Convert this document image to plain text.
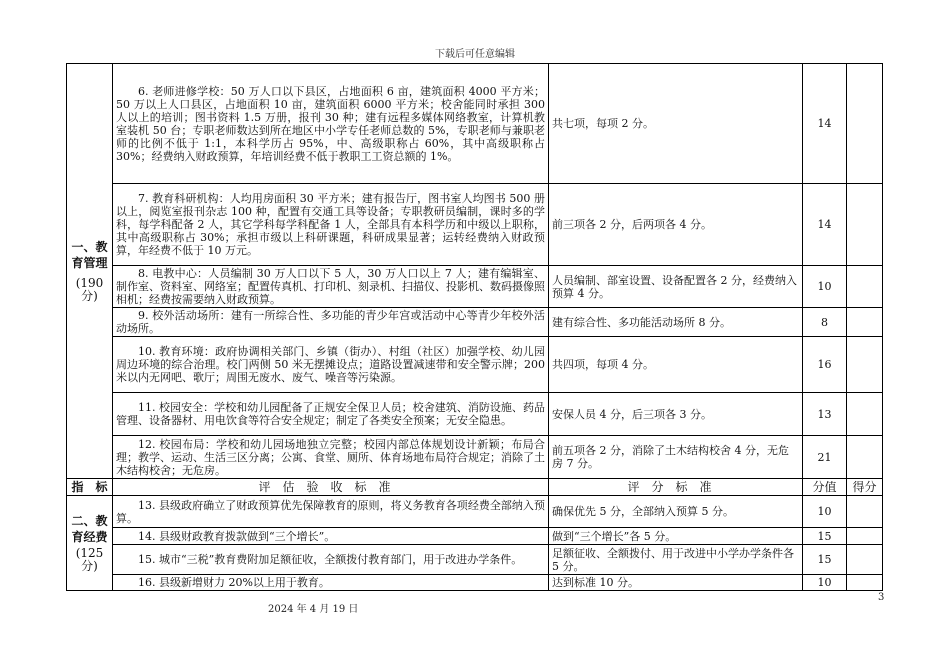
下载后可任意编辑
一、教育管理
(190 分)	6. 老师进修学校：50 万人口以下县区，占地面积 6 亩，建筑面积 4000 平方米；50 万以上人口县区，占地面积 10 亩，建筑面积 6000 平方米；校舍能同时承担 300 人以上的培训；图书资料 1.5 万册，报刊 30 种；建有远程多媒体网络教室，计算机教室装机 50 台；专职老师数达到所在地区中小学专任老师总数的 5%，专职老师与兼职老师的比例不低于 1:1，本科学历占 95%，中、高级职称占 60%，其中高级职称占 30%；经费纳入财政预算，年培训经费不低于教职工工资总额的 1%。	共七项，每项 2 分。	14	
	7. 教育科研机构：人均用房面积 30 平方米；建有报告厅，图书室人均图书 500 册以上，阅览室报刊杂志 100 种，配置有交通工具等设备；专职教研员编制，课时多的学科，每学科配备 2 人，其它学科每学科配备 1 人，全部具有本科学历和中级以上职称，其中高级职称占 30%；承担市级以上科研课题，科研成果显著；运转经费纳入财政预算，年经费不低于 10 万元。	前三项各 2 分，后两项各 4 分。	14	
	8. 电教中心：人员编制 30 万人口以下 5 人，30 万人口以上 7 人；建有编辑室、制作室、资料室、网络室；配置传真机、打印机、刻录机、扫描仪、投影机、数码摄像照相机；经费按需要纳入财政预算。	人员编制、部室设置、设备配置各 2 分，经费纳入预算 4 分。	10	
	9. 校外活动场所：建有一所综合性、多功能的青少年宫或活动中心等青少年校外活动场所。	建有综合性、多功能活动场所 8 分。	8	
	10. 教育环境：政府协调相关部门、乡镇（街办）、村组（社区）加强学校、幼儿园周边环境的综合治理。校门两侧 50 米无摆摊设点；道路设置减速带和安全警示牌；200 米以内无网吧、歌厅；周围无废水、废气、噪音等污染源。	共四项，每项 4 分。	16	
	11. 校园安全：学校和幼儿园配备了正规安全保卫人员；校舍建筑、消防设施、药品管理、设备器材、用电饮食等符合安全规定；制定了各类安全预案；无安全隐患。	安保人员 4 分，后三项各 3 分。	13	
	12. 校园布局：学校和幼儿园场地独立完整；校园内部总体规划设计新颖；布局合理；教学、运动、生活三区分离；公寓、食堂、厕所、体育场地布局符合规定；消除了土木结构校舍；无危房。	前五项各 2 分，消除了土木结构校舍 4 分，无危房 7 分。	21	
指　标	评估验收标准	评分标准	分值	得分

二、教育经费
(125 分)	13. 县级政府确立了财政预算优先保障教育的原则，将义务教育各项经费全部纳入预算。	确保优先 5 分，全部纳入预算 5 分。	10	
	14. 县级财政教育拨款做到“三个增长”。	做到“三个增长”各 5 分。	15	
	15. 城市“三税”教育费附加足额征收，全额拨付教育部门，用于改进办学条件。	足额征收、全额拨付、用于改进中小学办学条件各 5 分。	15	
	16. 县级新增财力 20%以上用于教育。	达到标准 10 分。	10	
3
2024 年 4 月 19 日
